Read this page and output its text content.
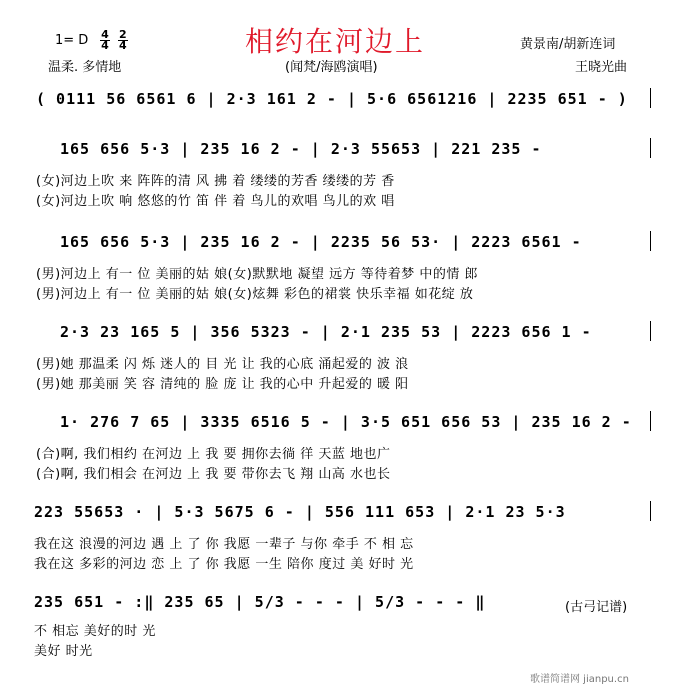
1= D $\frac{4}{4}$
$\frac{2}{4}$
温柔. 多情地
相约在河边上
(闻梵/海鸥演唱)
黄景南/胡新连词
王晓光曲
( 0111 56 6561 6 | 2·3 161 2 - | 5·6 6561216 | 2235 651 - )
165 656 5·3 | 235 16 2 - | 2·3 55653 | 221 235 -
(女)河边上吹 来 阵阵的清 风 拂 着 缕缕的芳香 缕缕的芳 香
(女)河边上吹 响 悠悠的竹 笛 伴 着 鸟儿的欢唱 鸟儿的欢 唱
165 656 5·3 | 235 16 2 - | 2235 56 53· | 2223 6561 -
(男)河边上 有一 位 美丽的姑 娘(女)默默地 凝望 远方 等待着梦 中的情 郎
(男)河边上 有一 位 美丽的姑 娘(女)炫舞 彩色的裙裳 快乐幸福 如花绽 放
2·3 23 165 5 | 356 5323 - | 2·1 235 53 | 2223 656 1 -
(男)她 那温柔 闪 烁 迷人的 目 光 让 我的心底 涌起爱的 波 浪
(男)她 那美丽 笑 容 清纯的 脸 庞 让 我的心中 升起爱的 暖 阳
1· 276 7 65 | 3335 6516 5 - | 3·5 651 656 53 | 235 16 2 -
(合)啊, 我们相约 在河边 上 我 要 拥你去徜 徉 天蓝 地也广
(合)啊, 我们相会 在河边 上 我 要 带你去飞 翔 山高 水也长
223 55653 · | 5·3 5675 6 - | 556 111 653 | 2·1 23 5·3
我在这 浪漫的河边 遇 上 了 你 我愿 一辈子 与你 牵手 不 相 忘
我在这 多彩的河边 恋 上 了 你 我愿 一生 陪你 度过 美 好时 光
235 651 - :‖ 235 65 | 5/3 - - - | 5/3 - - - ‖
不 相忘 美好的时 光
美好 时光
(古弓记谱)
歌谱简谱网 jianpu.cn
